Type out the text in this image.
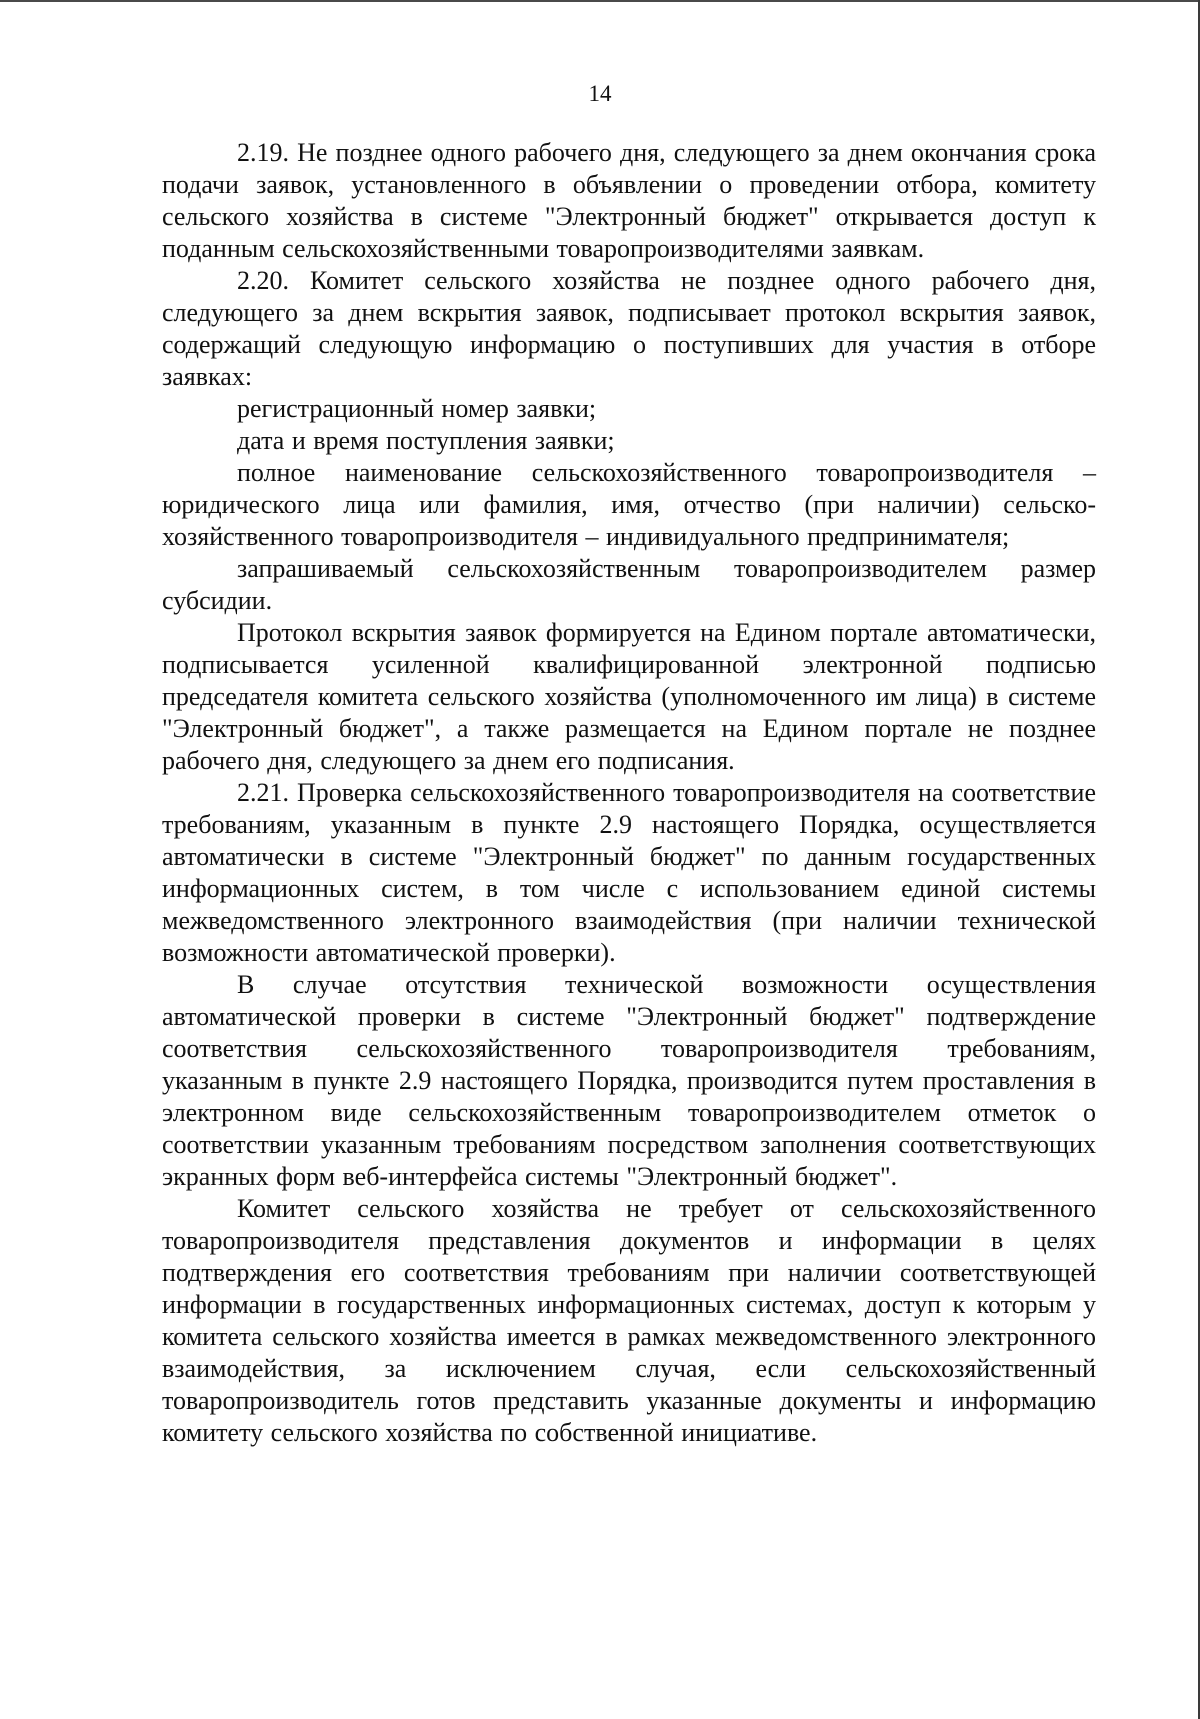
14

2.19. Не позднее одного рабочего дня, следующего за днем окончания срока подачи заявок, установленного в объявлении о проведении отбора, комитету сельского хозяйства в системе "Электронный бюджет" открывается доступ к поданным сельскохозяйственными товаропроизводителями заявкам.

2.20. Комитет сельского хозяйства не позднее одного рабочего дня, следующего за днем вскрытия заявок, подписывает протокол вскрытия заявок, содержащий следующую информацию о поступивших для участия в отборе заявках:

регистрационный номер заявки;

дата и время поступления заявки;

полное наименование сельскохозяйственного товаропроизводителя – юридического лица или фамилия, имя, отчество (при наличии) сельскохозяйственного товаропроизводителя – индивидуального предпринимателя;

запрашиваемый сельскохозяйственным товаропроизводителем размер субсидии.

Протокол вскрытия заявок формируется на Едином портале автоматически, подписывается усиленной квалифицированной электронной подписью председателя комитета сельского хозяйства (уполномоченного им лица) в системе "Электронный бюджет", а также размещается на Едином портале не позднее рабочего дня, следующего за днем его подписания.

2.21. Проверка сельскохозяйственного товаропроизводителя на соответствие требованиям, указанным в пункте 2.9 настоящего Порядка, осуществляется автоматически в системе "Электронный бюджет" по данным государственных информационных систем, в том числе с использованием единой системы межведомственного электронного взаимодействия (при наличии технической возможности автоматической проверки).

В случае отсутствия технической возможности осуществления автоматической проверки в системе "Электронный бюджет" подтверждение соответствия сельскохозяйственного товаропроизводителя требованиям, указанным в пункте 2.9 настоящего Порядка, производится путем проставления в электронном виде сельскохозяйственным товаропроизводителем отметок о соответствии указанным требованиям посредством заполнения соответствующих экранных форм веб-интерфейса системы "Электронный бюджет".

Комитет сельского хозяйства не требует от сельскохозяйственного товаропроизводителя представления документов и информации в целях подтверждения его соответствия требованиям при наличии соответствующей информации в государственных информационных системах, доступ к которым у комитета сельского хозяйства имеется в рамках межведомственного электронного взаимодействия, за исключением случая, если сельскохозяйственный товаропроизводитель готов представить указанные документы и информацию комитету сельского хозяйства по собственной инициативе.
